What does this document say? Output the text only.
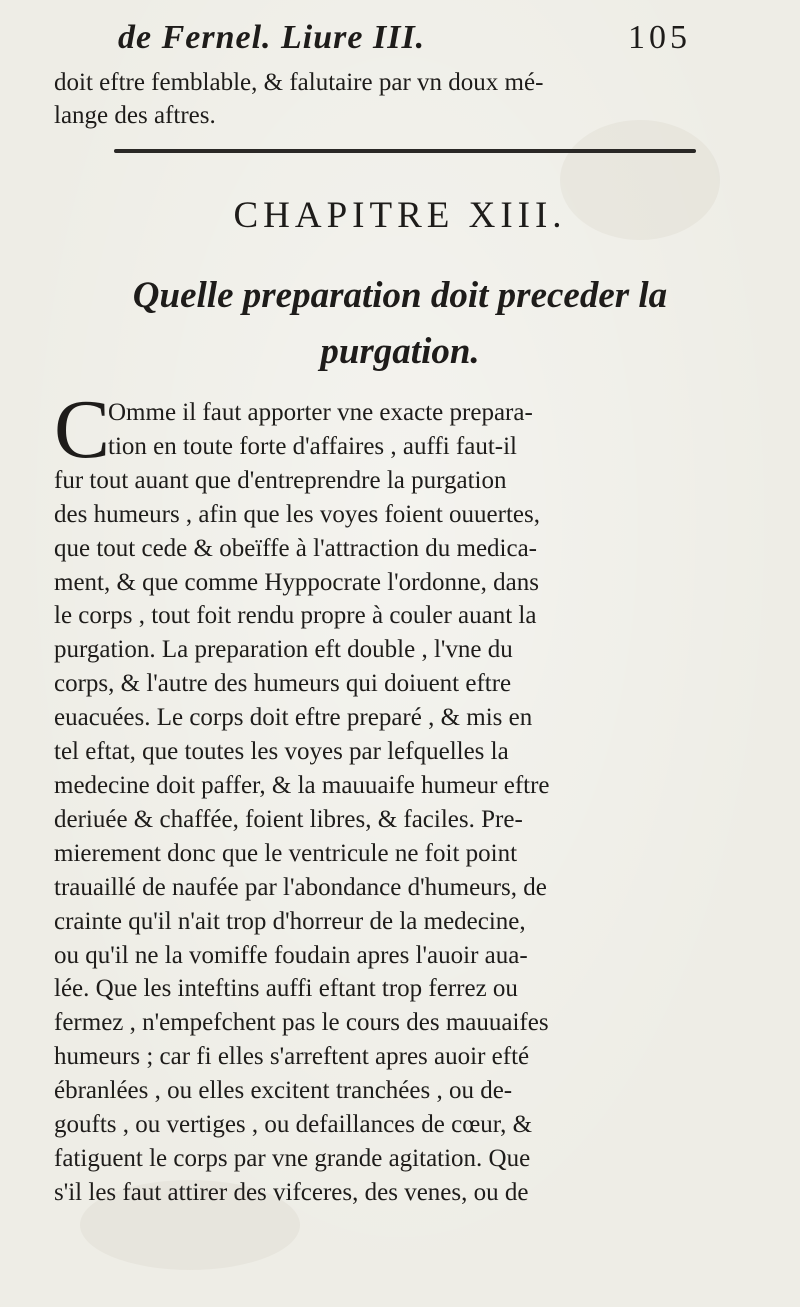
de Fernel. Liure III.	105
doit eftre femblable, & falutaire par vn doux mé-
lange des aftres.
CHAPITRE XIII.
Quelle preparation doit preceder la
purgation.
C
Omme il faut apporter vne exacte prepara-
tion en toute forte d'affaires , auffi faut-il
fur tout auant que d'entreprendre la purgation
des humeurs , afin que les voyes foient ouuertes,
que tout cede & obeïffe à l'attraction du medica-
ment, & que comme Hyppocrate l'ordonne, dans
le corps , tout foit rendu propre à couler auant la
purgation. La preparation eft double , l'vne du
corps, & l'autre des humeurs qui doiuent eftre
euacuées. Le corps doit eftre preparé , & mis en
tel eftat, que toutes les voyes par lefquelles la
medecine doit paffer, & la mauuaife humeur eftre
deriuée & chaffée, foient libres, & faciles. Pre-
mierement donc que le ventricule ne foit point
trauaillé de naufée par l'abondance d'humeurs, de
crainte qu'il n'ait trop d'horreur de la medecine,
ou qu'il ne la vomiffe foudain apres l'auoir aua-
lée. Que les inteftins auffi eftant trop ferrez ou
fermez , n'empefchent pas le cours des mauuaifes
humeurs ; car fi elles s'arreftent apres auoir efté
ébranlées , ou elles excitent tranchées , ou de-
goufts , ou vertiges , ou defaillances de cœur, &
fatiguent le corps par vne grande agitation. Que
s'il les faut attirer des vifceres, des venes, ou de
